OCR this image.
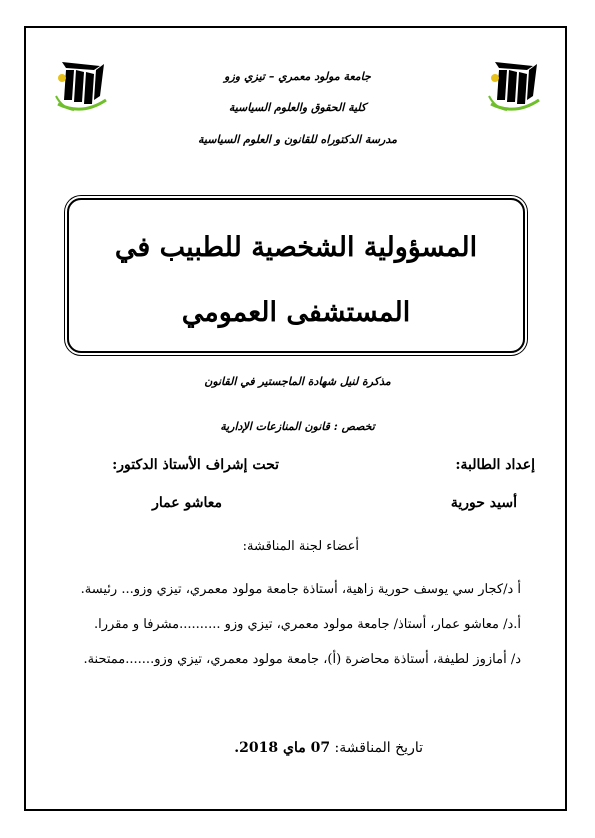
جامعة مولود معمري – تيزي وزو
كلية الحقوق والعلوم السياسية
مدرسة الدكتوراه للقانون و العلوم السياسية
المسؤولية الشخصية للطبيب في
المستشفى العمومي
مذكرة لنيل شهادة الماجستير في القانون
تخصص : قانون المنازعات الإدارية
إعداد الطالبة:
تحت إشراف الأستاذ الدكتور:
أسيد حورية
معاشو عمار
أعضاء لجنة المناقشة:
أ د/كجار سي يوسف حورية زاهية، أستاذة جامعة مولود معمري، تيزي وزو... رئيسة.
أ.د/ معاشو عمار، أستاذ/ جامعة مولود معمري، تيزي وزو ..........مشرفا و مقررا.
د/ أمازوز لطيفة، أستاذة محاضرة (أ)، جامعة مولود معمري، تيزي وزو.......ممتحنة.
تاريخ المناقشة: 07 ماي 2018.
